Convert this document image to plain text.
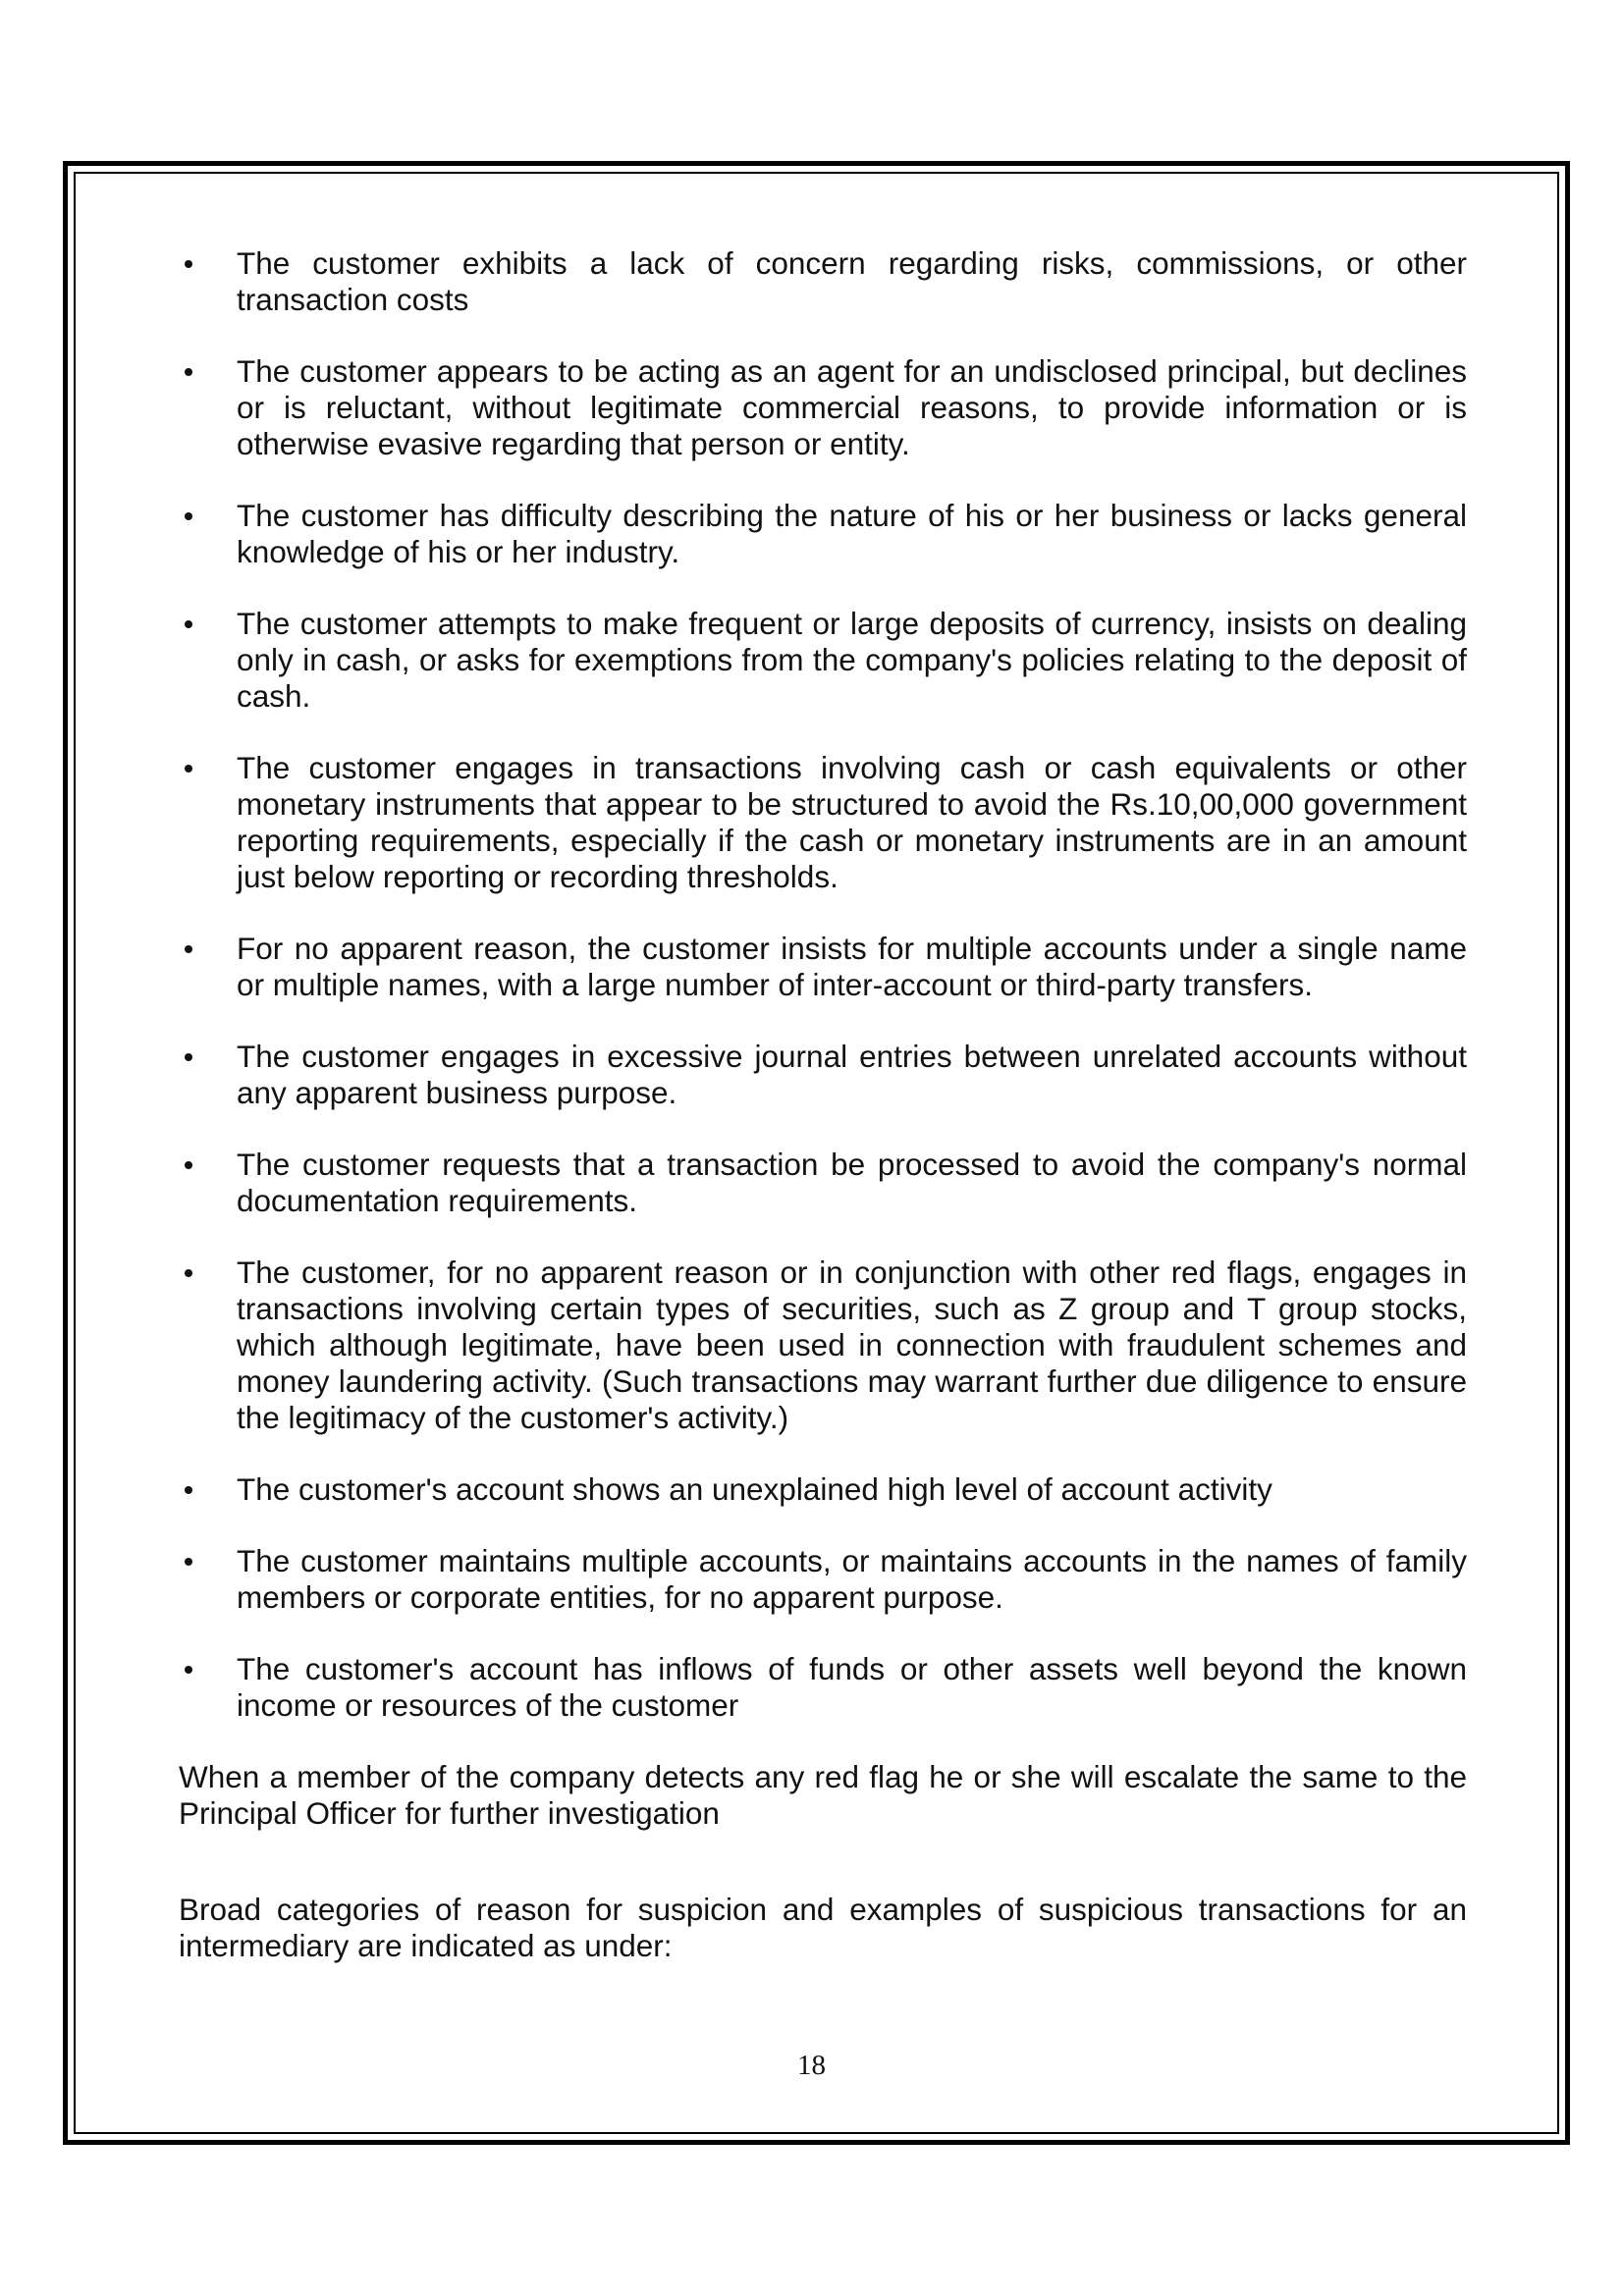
The customer exhibits a lack of concern regarding risks, commissions, or other transaction costs
The customer appears to be acting as an agent for an undisclosed principal, but declines or is reluctant, without legitimate commercial reasons, to provide information or is otherwise evasive regarding that person or entity.
The customer has difficulty describing the nature of his or her business or lacks general knowledge of his or her industry.
The customer attempts to make frequent or large deposits of currency, insists on dealing only in cash, or asks for exemptions from the company's policies relating to the deposit of cash.
The customer engages in transactions involving cash or cash equivalents or other monetary instruments that appear to be structured to avoid the Rs.10,00,000 government reporting requirements, especially if the cash or monetary instruments are in an amount just below reporting or recording thresholds.
For no apparent reason, the customer insists for multiple accounts under a single name or multiple names, with a large number of inter-account or third-party transfers.
The customer engages in excessive journal entries between unrelated accounts without any apparent business purpose.
The customer requests that a transaction be processed to avoid the company's normal documentation requirements.
The customer, for no apparent reason or in conjunction with other red flags, engages in transactions involving certain types of securities, such as Z group and T group stocks, which although legitimate, have been used in connection with fraudulent schemes and money laundering activity. (Such transactions may warrant further due diligence to ensure the legitimacy of the customer's activity.)
The customer's account shows an unexplained high level of account activity
The customer maintains multiple accounts, or maintains accounts in the names of family members or corporate entities, for no apparent purpose.
The customer's account has inflows of funds or other assets well beyond the known income or resources of the customer

When a member of the company detects any red flag he or she will escalate the same to the Principal Officer for further investigation

Broad categories of reason for suspicion and examples of suspicious transactions for an intermediary are indicated as under:

18
